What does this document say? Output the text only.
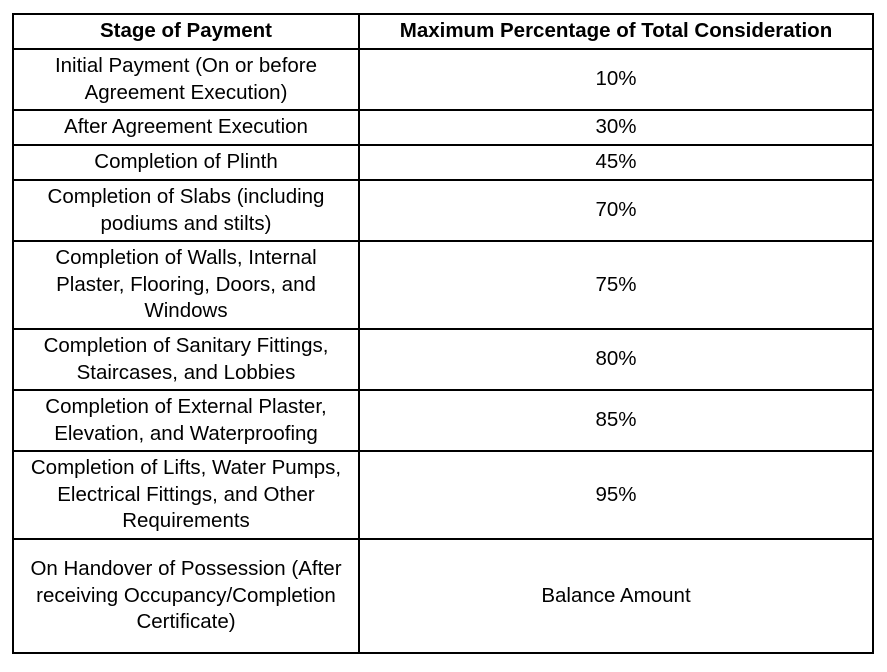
Stage of Payment	Maximum Percentage of Total Consideration
Initial Payment (On or before Agreement Execution)	10%
After Agreement Execution	30%
Completion of Plinth	45%
Completion of Slabs (including podiums and stilts)	70%
Completion of Walls, Internal Plaster, Flooring, Doors, and Windows	75%
Completion of Sanitary Fittings, Staircases, and Lobbies	80%
Completion of External Plaster, Elevation, and Waterproofing	85%
Completion of Lifts, Water Pumps, Electrical Fittings, and Other Requirements	95%
On Handover of Possession (After receiving Occupancy/Completion Certificate)	Balance Amount
